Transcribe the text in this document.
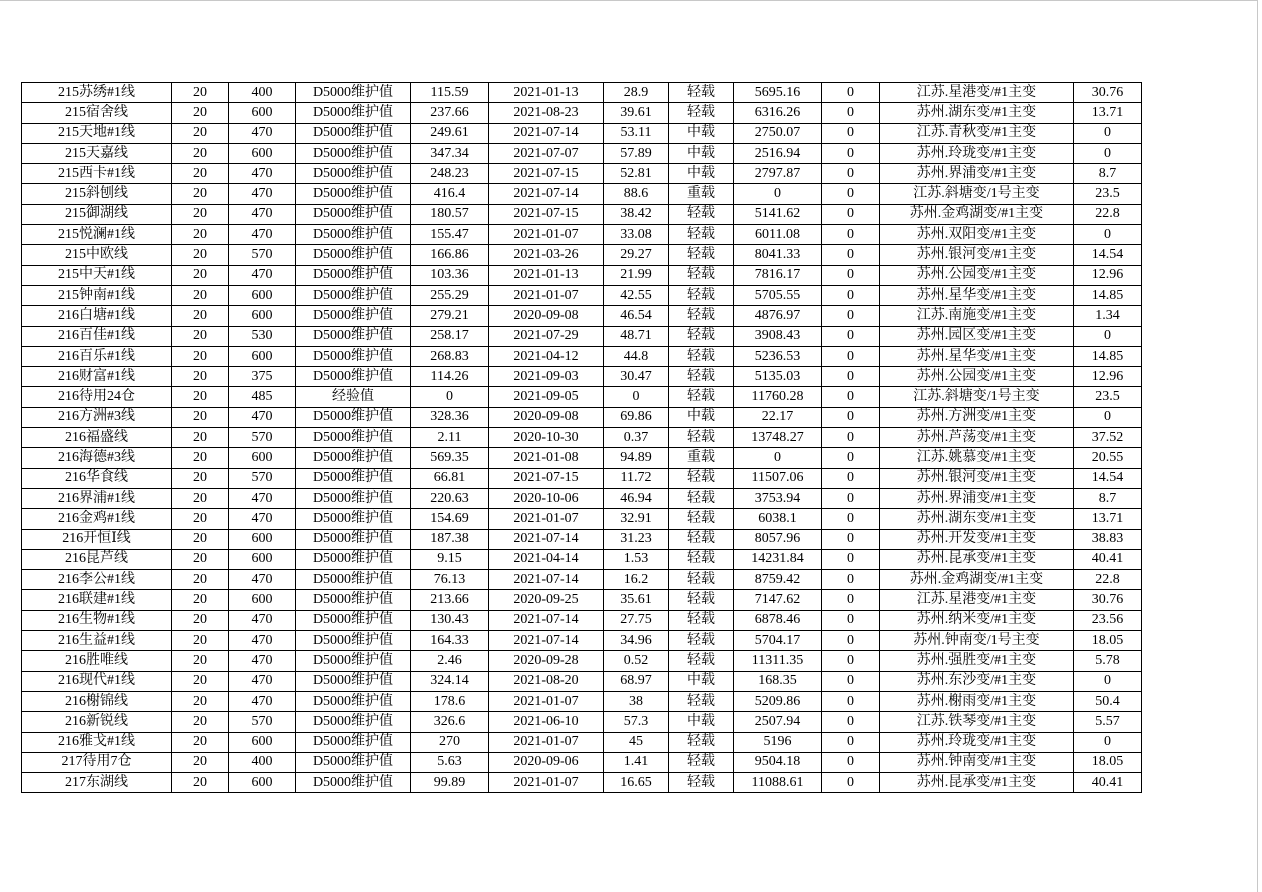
215苏绣#1线	20	400	D5000维护值	115.59	2021-01-13	28.9	轻载	5695.16	0	江苏.星港变/#1主变	30.76
215宿舍线	20	600	D5000维护值	237.66	2021-08-23	39.61	轻载	6316.26	0	苏州.湖东变/#1主变	13.71
215天地#1线	20	470	D5000维护值	249.61	2021-07-14	53.11	中载	2750.07	0	江苏.青秋变/#1主变	0
215天嘉线	20	600	D5000维护值	347.34	2021-07-07	57.89	中载	2516.94	0	苏州.玲珑变/#1主变	0
215西卡#1线	20	470	D5000维护值	248.23	2021-07-15	52.81	中载	2797.87	0	苏州.界浦变/#1主变	8.7
215斜刨线	20	470	D5000维护值	416.4	2021-07-14	88.6	重载	0	0	江苏.斜塘变/1号主变	23.5
215御湖线	20	470	D5000维护值	180.57	2021-07-15	38.42	轻载	5141.62	0	苏州.金鸡湖变/#1主变	22.8
215悦澜#1线	20	470	D5000维护值	155.47	2021-01-07	33.08	轻载	6011.08	0	苏州.双阳变/#1主变	0
215中欧线	20	570	D5000维护值	166.86	2021-03-26	29.27	轻载	8041.33	0	苏州.银河变/#1主变	14.54
215中天#1线	20	470	D5000维护值	103.36	2021-01-13	21.99	轻载	7816.17	0	苏州.公园变/#1主变	12.96
215钟南#1线	20	600	D5000维护值	255.29	2021-01-07	42.55	轻载	5705.55	0	苏州.星华变/#1主变	14.85
216白塘#1线	20	600	D5000维护值	279.21	2020-09-08	46.54	轻载	4876.97	0	江苏.南施变/#1主变	1.34
216百佳#1线	20	530	D5000维护值	258.17	2021-07-29	48.71	轻载	3908.43	0	苏州.园区变/#1主变	0
216百乐#1线	20	600	D5000维护值	268.83	2021-04-12	44.8	轻载	5236.53	0	苏州.星华变/#1主变	14.85
216财富#1线	20	375	D5000维护值	114.26	2021-09-03	30.47	轻载	5135.03	0	苏州.公园变/#1主变	12.96
216待用24仓	20	485	经验值	0	2021-09-05	0	轻载	11760.28	0	江苏.斜塘变/1号主变	23.5
216方洲#3线	20	470	D5000维护值	328.36	2020-09-08	69.86	中载	22.17	0	苏州.方洲变/#1主变	0
216福盛线	20	570	D5000维护值	2.11	2020-10-30	0.37	轻载	13748.27	0	苏州.芦荡变/#1主变	37.52
216海德#3线	20	600	D5000维护值	569.35	2021-01-08	94.89	重载	0	0	江苏.姚慕变/#1主变	20.55
216华食线	20	570	D5000维护值	66.81	2021-07-15	11.72	轻载	11507.06	0	苏州.银河变/#1主变	14.54
216界浦#1线	20	470	D5000维护值	220.63	2020-10-06	46.94	轻载	3753.94	0	苏州.界浦变/#1主变	8.7
216金鸡#1线	20	470	D5000维护值	154.69	2021-01-07	32.91	轻载	6038.1	0	苏州.湖东变/#1主变	13.71
216开恒Ⅰ线	20	600	D5000维护值	187.38	2021-07-14	31.23	轻载	8057.96	0	苏州.开发变/#1主变	38.83
216昆芦线	20	600	D5000维护值	9.15	2021-04-14	1.53	轻载	14231.84	0	苏州.昆承变/#1主变	40.41
216李公#1线	20	470	D5000维护值	76.13	2021-07-14	16.2	轻载	8759.42	0	苏州.金鸡湖变/#1主变	22.8
216联建#1线	20	600	D5000维护值	213.66	2020-09-25	35.61	轻载	7147.62	0	江苏.星港变/#1主变	30.76
216生物#1线	20	470	D5000维护值	130.43	2021-07-14	27.75	轻载	6878.46	0	苏州.纳米变/#1主变	23.56
216生益#1线	20	470	D5000维护值	164.33	2021-07-14	34.96	轻载	5704.17	0	苏州.钟南变/1号主变	18.05
216胜唯线	20	470	D5000维护值	2.46	2020-09-28	0.52	轻载	11311.35	0	苏州.强胜变/#1主变	5.78
216现代#1线	20	470	D5000维护值	324.14	2021-08-20	68.97	中载	168.35	0	苏州.东沙变/#1主变	0
216榭锦线	20	470	D5000维护值	178.6	2021-01-07	38	轻载	5209.86	0	苏州.榭雨变/#1主变	50.4
216新锐线	20	570	D5000维护值	326.6	2021-06-10	57.3	中载	2507.94	0	江苏.铁琴变/#1主变	5.57
216雅戈#1线	20	600	D5000维护值	270	2021-01-07	45	轻载	5196	0	苏州.玲珑变/#1主变	0
217待用7仓	20	400	D5000维护值	5.63	2020-09-06	1.41	轻载	9504.18	0	苏州.钟南变/#1主变	18.05
217东湖线	20	600	D5000维护值	99.89	2021-01-07	16.65	轻载	11088.61	0	苏州.昆承变/#1主变	40.41
